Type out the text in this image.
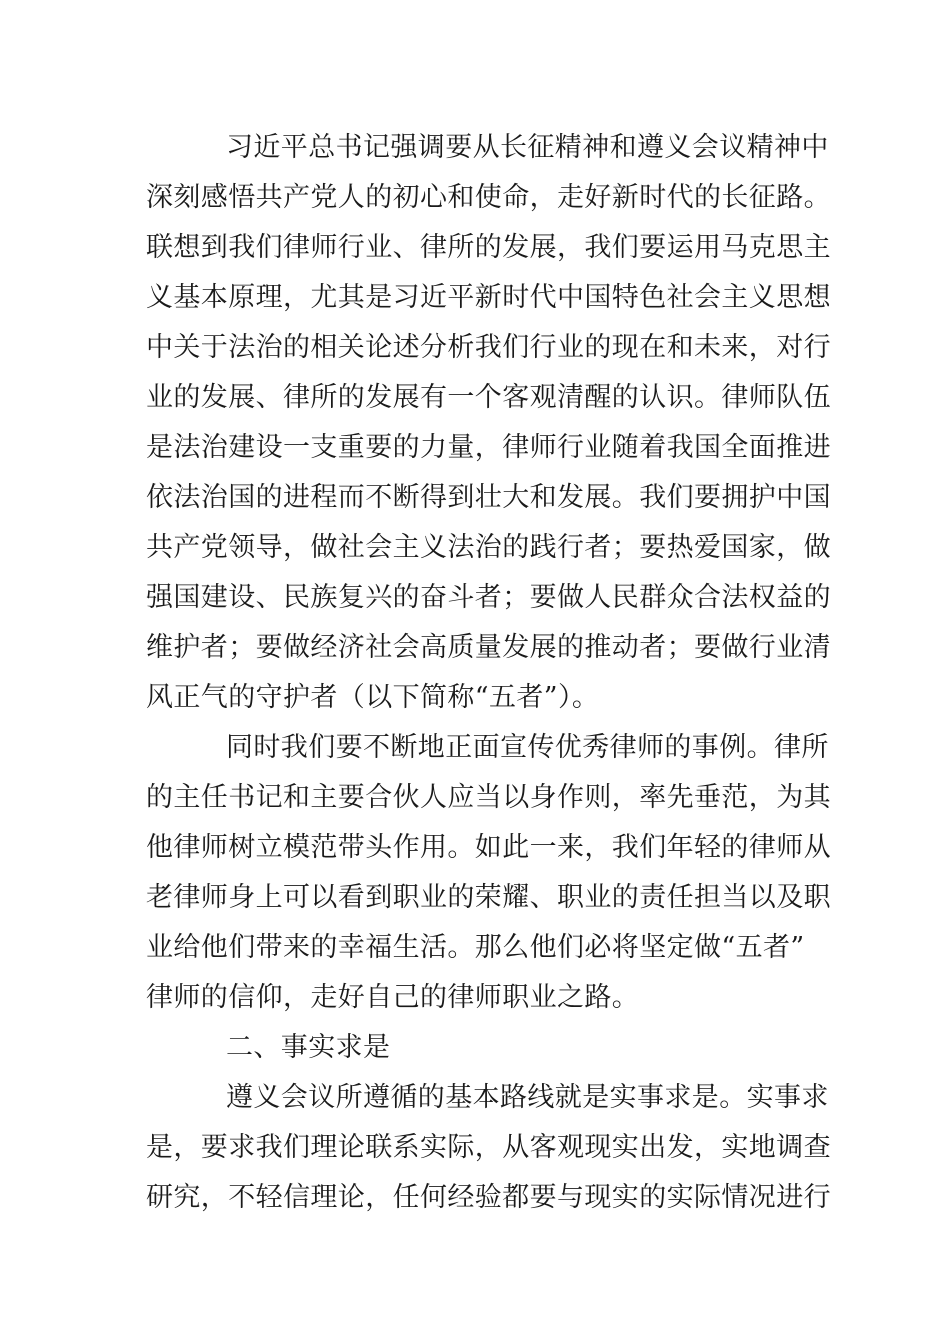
习近平总书记强调要从长征精神和遵义会议精神中
深刻感悟共产党人的初心和使命，走好新时代的长征路。
联想到我们律师行业、律所的发展，我们要运用马克思主
义基本原理，尤其是习近平新时代中国特色社会主义思想
中关于法治的相关论述分析我们行业的现在和未来，对行
业的发展、律所的发展有一个客观清醒的认识。律师队伍
是法治建设一支重要的力量，律师行业随着我国全面推进
依法治国的进程而不断得到壮大和发展。我们要拥护中国
共产党领导，做社会主义法治的践行者；要热爱国家，做
强国建设、民族复兴的奋斗者；要做人民群众合法权益的
维护者；要做经济社会高质量发展的推动者；要做行业清
风正气的守护者（以下简称“五者”）。
同时我们要不断地正面宣传优秀律师的事例。律所
的主任书记和主要合伙人应当以身作则，率先垂范，为其
他律师树立模范带头作用。如此一来，我们年轻的律师从
老律师身上可以看到职业的荣耀、职业的责任担当以及职
业给他们带来的幸福生活。那么他们必将坚定做“五者”
律师的信仰，走好自己的律师职业之路。
二、事实求是
遵义会议所遵循的基本路线就是实事求是。实事求
是，要求我们理论联系实际，从客观现实出发，实地调查
研究，不轻信理论，任何经验都要与现实的实际情况进行
